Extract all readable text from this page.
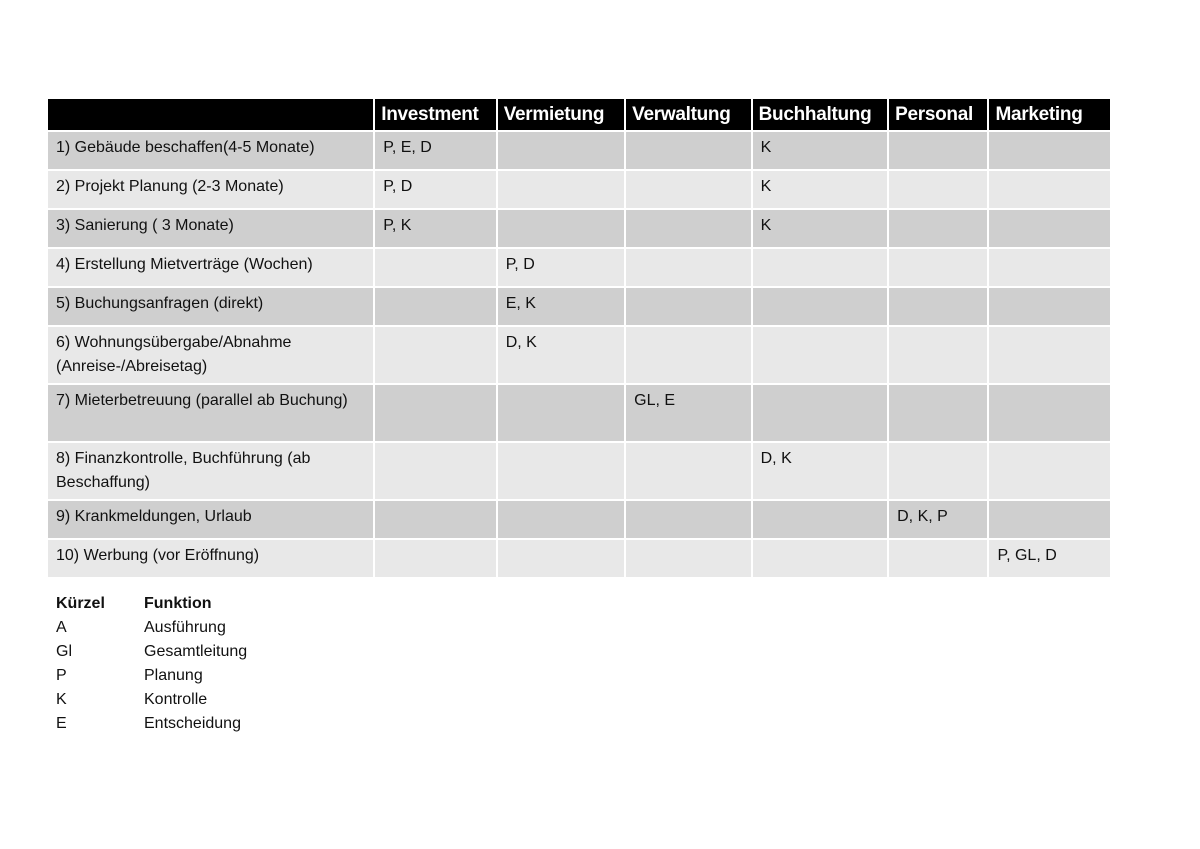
	Investment	Vermietung	Verwaltung	Buchhaltung	Personal	Marketing
1) Gebäude beschaffen(4-5 Monate)	P, E, D			K		
2) Projekt Planung (2-3 Monate)	P, D			K		
3) Sanierung ( 3 Monate)	P, K			K		
4) Erstellung Mietverträge (Wochen)		P, D				
5) Buchungsanfragen (direkt)		E, K				
6) Wohnungsübergabe/Abnahme (Anreise-/Abreisetag)		D, K				
7) Mieterbetreuung (parallel ab Buchung)			GL, E			
8) Finanzkontrolle, Buchführung (ab Beschaffung)				D, K		
9) Krankmeldungen, Urlaub					D, K, P	
10) Werbung (vor Eröffnung)						P, GL, D
Kürzel	Funktion
A	Ausführung
Gl	Gesamtleitung
P	Planung
K	Kontrolle
E	Entscheidung
